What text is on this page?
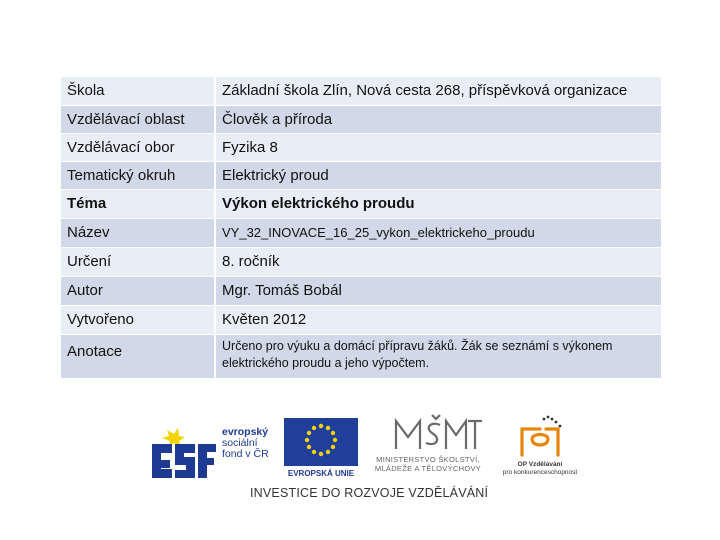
Škola	Základní škola Zlín, Nová cesta 268, příspěvková organizace
Vzdělávací oblast	Člověk a příroda
Vzdělávací obor	Fyzika 8
Tematický okruh	Elektrický proud
Téma	Výkon elektrického proudu
Název	VY_32_INOVACE_16_25_vykon_elektrickeho_proudu
Určení	8. ročník
Autor	Mgr. Tomáš Bobál
Vytvořeno	Květen 2012
Anotace	Určeno pro výuku a domácí přípravu žáků. Žák se seznámí s výkonem elektrického proudu a jeho výpočtem.
evropský
sociální
fond v ČR
EVROPSKÁ UNIE
MINISTERSTVO ŠKOLSTVÍ,
MLÁDEŽE A TĚLOVÝCHOVY	OP Vzdělávání
pro konkurenceschopnost
INVESTICE DO ROZVOJE VZDĚLÁVÁNÍ
